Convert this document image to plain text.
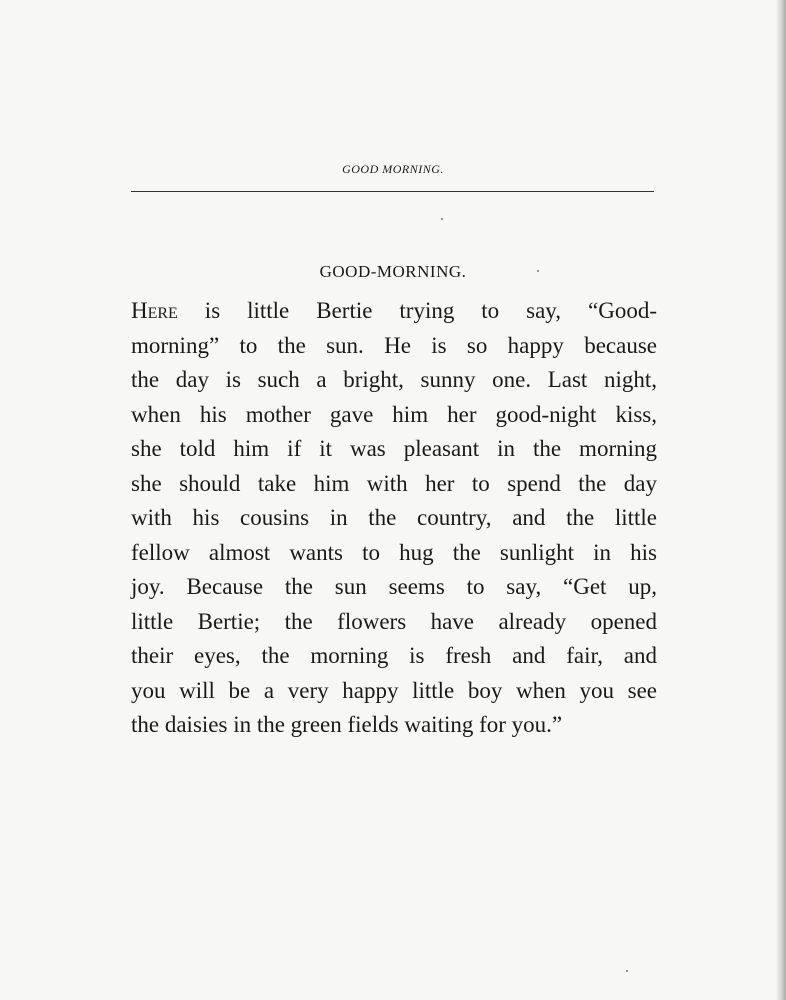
GOOD MORNING.
GOOD-MORNING.
Here is little Bertie trying to say, “Good-
morning” to the sun. He is so happy because
the day is such a bright, sunny one. Last night,
when his mother gave him her good-night kiss,
she told him if it was pleasant in the morning
she should take him with her to spend the day
with his cousins in the country, and the little
fellow almost wants to hug the sunlight in his
joy. Because the sun seems to say, “Get up,
little Bertie; the flowers have already opened
their eyes, the morning is fresh and fair, and
you will be a very happy little boy when you see
the daisies in the green fields waiting for you.”
